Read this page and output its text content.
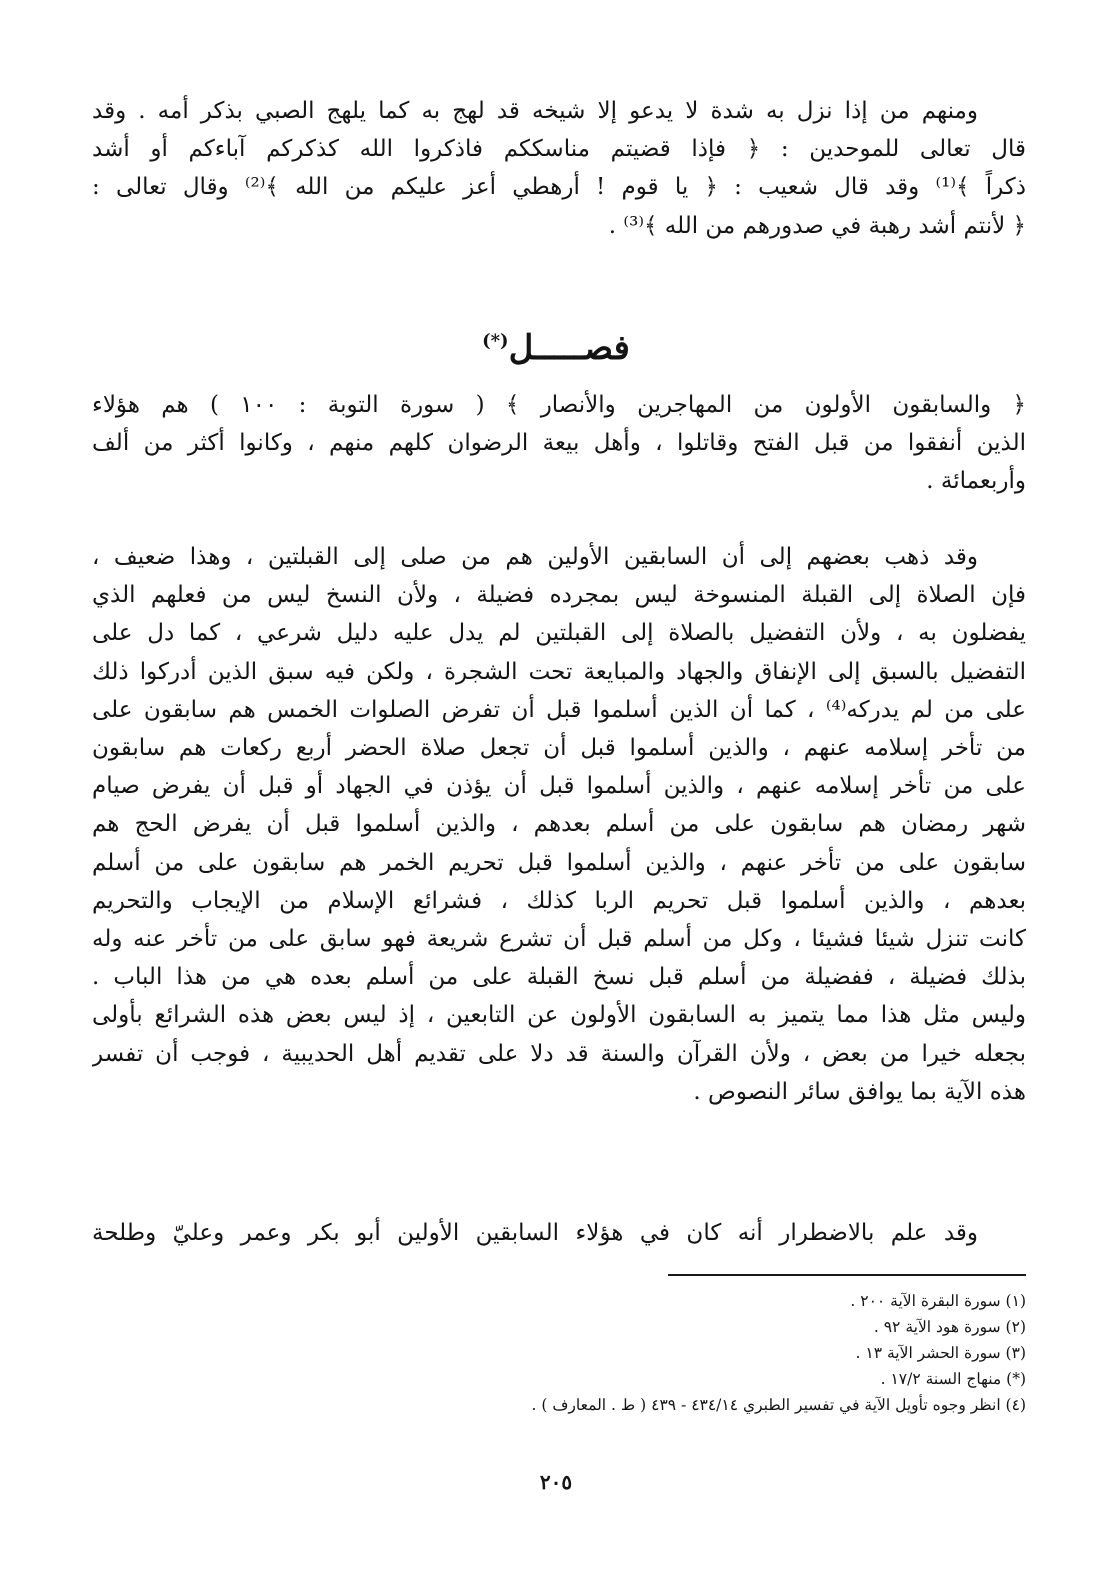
ومنهم من إذا نزل به شدة لا يدعو إلا شيخه قد لهج به كما يلهج الصبي بذكر أمه . وقد
قال تعالى للموحدين : ﴿ فإذا قضيتم مناسككم فاذكروا الله كذكركم آباءكم أو أشد
ذكراً ﴾⁽¹⁾ وقد قال شعيب : ﴿ يا قوم ! أرهطي أعز عليكم من الله ﴾⁽²⁾ وقال تعالى :
﴿ لأنتم أشد رهبة في صدورهم من الله ﴾⁽³⁾ .

فصـــــل(*)

﴿ والسابقون الأولون من المهاجرين والأنصار ﴾ ( سورة التوبة : ١٠٠ ) هم هؤلاء
الذين أنفقوا من قبل الفتح وقاتلوا ، وأهل بيعة الرضوان كلهم منهم ، وكانوا أكثر من ألف
وأربعمائة .

وقد ذهب بعضهم إلى أن السابقين الأولين هم من صلى إلى القبلتين ، وهذا ضعيف ،
فإن الصلاة إلى القبلة المنسوخة ليس بمجرده فضيلة ، ولأن النسخ ليس من فعلهم الذي
يفضلون به ، ولأن التفضيل بالصلاة إلى القبلتين لم يدل عليه دليل شرعي ، كما دل على
التفضيل بالسبق إلى الإنفاق والجهاد والمبايعة تحت الشجرة ، ولكن فيه سبق الذين أدركوا ذلك
على من لم يدركه⁽⁴⁾ ، كما أن الذين أسلموا قبل أن تفرض الصلوات الخمس هم سابقون على
من تأخر إسلامه عنهم ، والذين أسلموا قبل أن تجعل صلاة الحضر أربع ركعات هم سابقون
على من تأخر إسلامه عنهم ، والذين أسلموا قبل أن يؤذن في الجهاد أو قبل أن يفرض صيام
شهر رمضان هم سابقون على من أسلم بعدهم ، والذين أسلموا قبل أن يفرض الحج هم
سابقون على من تأخر عنهم ، والذين أسلموا قبل تحريم الخمر هم سابقون على من أسلم
بعدهم ، والذين أسلموا قبل تحريم الربا كذلك ، فشرائع الإسلام من الإيجاب والتحريم
كانت تنزل شيئا فشيئا ، وكل من أسلم قبل أن تشرع شريعة فهو سابق على من تأخر عنه وله
بذلك فضيلة ، ففضيلة من أسلم قبل نسخ القبلة على من أسلم بعده هي من هذا الباب .
وليس مثل هذا مما يتميز به السابقون الأولون عن التابعين ، إذ ليس بعض هذه الشرائع بأولى
بجعله خيرا من بعض ، ولأن القرآن والسنة قد دلا على تقديم أهل الحديبية ، فوجب أن تفسر
هذه الآية بما يوافق سائر النصوص .

وقد علم بالاضطرار أنه كان في هؤلاء السابقين الأولين أبو بكر وعمر وعليّ وطلحة

(١) سورة البقرة الآية ٢٠٠ .
(٢) سورة هود الآية ٩٢ .
(٣) سورة الحشر الآية ١٣ .
(*) منهاج السنة ١٧/٢ .
(٤) انظر وجوه تأويل الآية في تفسير الطبري ٤٣٤/١٤ - ٤٣٩ ( ط . المعارف ) .
٢٠٥
